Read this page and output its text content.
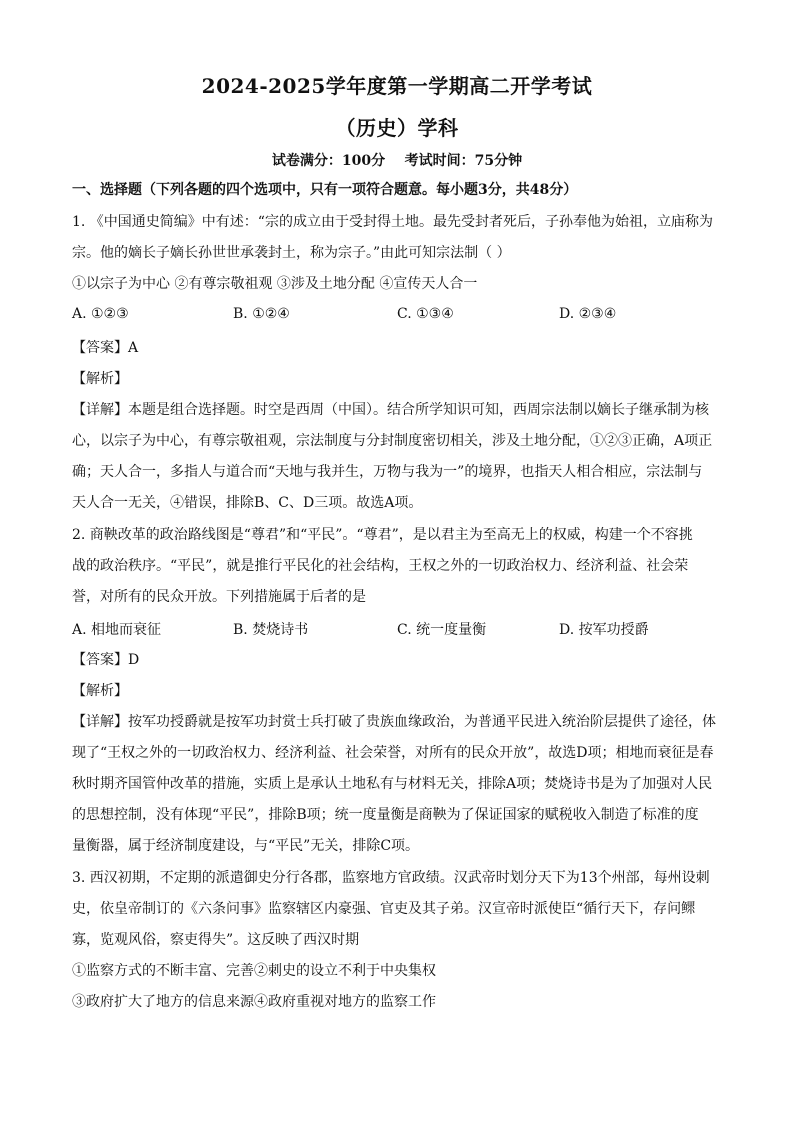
2024-2025学年度第一学期高二开学考试
（历史）学科
试卷满分：100分    考试时间：75分钟
一、选择题（下列各题的四个选项中，只有一项符合题意。每小题3分，共48分）
1. 《中国通史简编》中有述：“宗的成立由于受封得土地。最先受封者死后，子孙奉他为始祖，立庙称为
宗。他的嫡长子嫡长孙世世承袭封土，称为宗子。”由此可知宗法制（ ）
①以宗子为中心 ②有尊宗敬祖观 ③涉及土地分配 ④宣传天人合一
A. ①②③	B. ①②④	C. ①③④	D. ②③④
【答案】A
【解析】
【详解】本题是组合选择题。时空是西周（中国）。结合所学知识可知，西周宗法制以嫡长子继承制为核
心，以宗子为中心，有尊宗敬祖观，宗法制度与分封制度密切相关，涉及土地分配，①②③正确，A项正
确；天人合一，多指人与道合而“天地与我并生，万物与我为一”的境界，也指天人相合相应，宗法制与
天人合一无关，④错误，排除B、C、D三项。故选A项。
2. 商鞅改革的政治路线图是“尊君”和“平民”。“尊君”，是以君主为至高无上的权威，构建一个不容挑
战的政治秩序。“平民”，就是推行平民化的社会结构，王权之外的一切政治权力、经济利益、社会荣
誉，对所有的民众开放。下列措施属于后者的是
A. 相地而衰征	B. 焚烧诗书	C. 统一度量衡	D. 按军功授爵
【答案】D
【解析】
【详解】按军功授爵就是按军功封赏士兵打破了贵族血缘政治，为普通平民进入统治阶层提供了途径，体
现了“王权之外的一切政治权力、经济利益、社会荣誉，对所有的民众开放”，故选D项；相地而衰征是春
秋时期齐国管仲改革的措施，实质上是承认土地私有与材料无关，排除A项；焚烧诗书是为了加强对人民
的思想控制，没有体现“平民”，排除B项；统一度量衡是商鞅为了保证国家的赋税收入制造了标准的度
量衡器，属于经济制度建设，与“平民”无关，排除C项。
3. 西汉初期，不定期的派遣御史分行各郡，监察地方官政绩。汉武帝时划分天下为13个州部，每州设刺
史，依皇帝制订的《六条问事》监察辖区内豪强、官吏及其子弟。汉宣帝时派使臣“循行天下，存问鳏
寡，览观风俗，察吏得失”。这反映了西汉时期
①监察方式的不断丰富、完善②刺史的设立不利于中央集权
③政府扩大了地方的信息来源④政府重视对地方的监察工作
